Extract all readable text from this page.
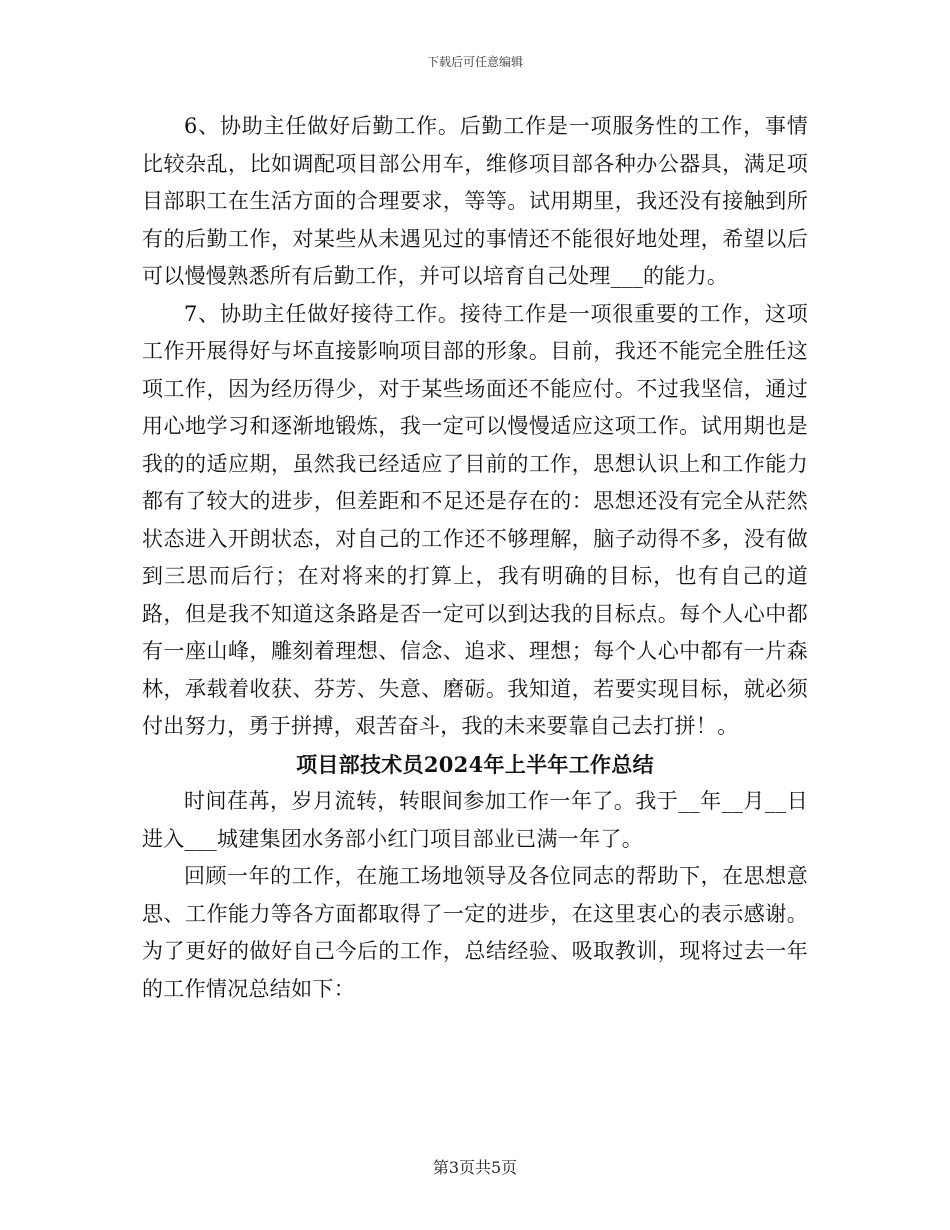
下载后可任意编辑

6、协助主任做好后勤工作。后勤工作是一项服务性的工作，事情比较杂乱，比如调配项目部公用车，维修项目部各种办公器具，满足项目部职工在生活方面的合理要求，等等。试用期里，我还没有接触到所有的后勤工作，对某些从未遇见过的事情还不能很好地处理，希望以后可以慢慢熟悉所有后勤工作，并可以培育自己处理___的能力。

7、协助主任做好接待工作。接待工作是一项很重要的工作，这项工作开展得好与坏直接影响项目部的形象。目前，我还不能完全胜任这项工作，因为经历得少，对于某些场面还不能应付。不过我坚信，通过用心地学习和逐渐地锻炼，我一定可以慢慢适应这项工作。试用期也是我的的适应期，虽然我已经适应了目前的工作，思想认识上和工作能力都有了较大的进步，但差距和不足还是存在的：思想还没有完全从茫然状态进入开朗状态，对自己的工作还不够理解，脑子动得不多，没有做到三思而后行；在对将来的打算上，我有明确的目标，也有自己的道路，但是我不知道这条路是否一定可以到达我的目标点。每个人心中都有一座山峰，雕刻着理想、信念、追求、理想；每个人心中都有一片森林，承载着收获、芬芳、失意、磨砺。我知道，若要实现目标，就必须付出努力，勇于拼搏，艰苦奋斗，我的未来要靠自己去打拼！。

项目部技术员2024年上半年工作总结

时间荏苒，岁月流转，转眼间参加工作一年了。我于__年__月__日进入___城建集团水务部小红门项目部业已满一年了。

回顾一年的工作，在施工场地领导及各位同志的帮助下，在思想意思、工作能力等各方面都取得了一定的进步，在这里衷心的表示感谢。为了更好的做好自己今后的工作，总结经验、吸取教训，现将过去一年的工作情况总结如下：

第3页共5页
